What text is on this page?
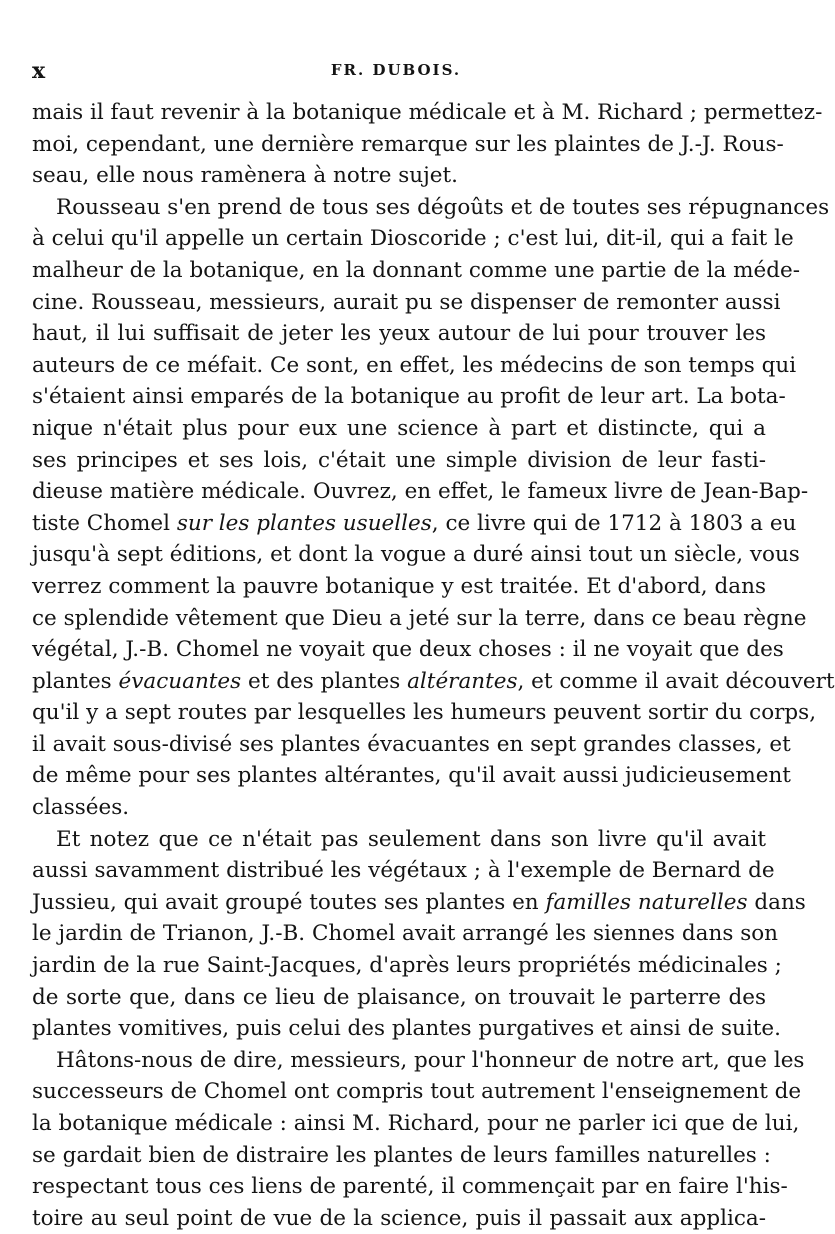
x	FR. DUBOIS.
mais il faut revenir à la botanique médicale et à M. Richard ; permettez-
moi, cependant, une dernière remarque sur les plaintes de J.-J. Rous-
seau, elle nous ramènera à notre sujet.
Rousseau s'en prend de tous ses dégoûts et de toutes ses répugnances
à celui qu'il appelle un certain Dioscoride ; c'est lui, dit-il, qui a fait le
malheur de la botanique, en la donnant comme une partie de la méde-
cine. Rousseau, messieurs, aurait pu se dispenser de remonter aussi
haut, il lui suffisait de jeter les yeux autour de lui pour trouver les
auteurs de ce méfait. Ce sont, en effet, les médecins de son temps qui
s'étaient ainsi emparés de la botanique au profit de leur art. La bota-
nique n'était plus pour eux une science à part et distincte, qui a
ses principes et ses lois, c'était une simple division de leur fasti-
dieuse matière médicale. Ouvrez, en effet, le fameux livre de Jean-Bap-
tiste Chomel sur les plantes usuelles, ce livre qui de 1712 à 1803 a eu
jusqu'à sept éditions, et dont la vogue a duré ainsi tout un siècle, vous
verrez comment la pauvre botanique y est traitée. Et d'abord, dans
ce splendide vêtement que Dieu a jeté sur la terre, dans ce beau règne
végétal, J.-B. Chomel ne voyait que deux choses : il ne voyait que des
plantes évacuantes et des plantes altérantes, et comme il avait découvert
qu'il y a sept routes par lesquelles les humeurs peuvent sortir du corps,
il avait sous-divisé ses plantes évacuantes en sept grandes classes, et
de même pour ses plantes altérantes, qu'il avait aussi judicieusement
classées.
Et notez que ce n'était pas seulement dans son livre qu'il avait
aussi savamment distribué les végétaux ; à l'exemple de Bernard de
Jussieu, qui avait groupé toutes ses plantes en familles naturelles dans
le jardin de Trianon, J.-B. Chomel avait arrangé les siennes dans son
jardin de la rue Saint-Jacques, d'après leurs propriétés médicinales ;
de sorte que, dans ce lieu de plaisance, on trouvait le parterre des
plantes vomitives, puis celui des plantes purgatives et ainsi de suite.
Hâtons-nous de dire, messieurs, pour l'honneur de notre art, que les
successeurs de Chomel ont compris tout autrement l'enseignement de
la botanique médicale : ainsi M. Richard, pour ne parler ici que de lui,
se gardait bien de distraire les plantes de leurs familles naturelles :
respectant tous ces liens de parenté, il commençait par en faire l'his-
toire au seul point de vue de la science, puis il passait aux applica-
